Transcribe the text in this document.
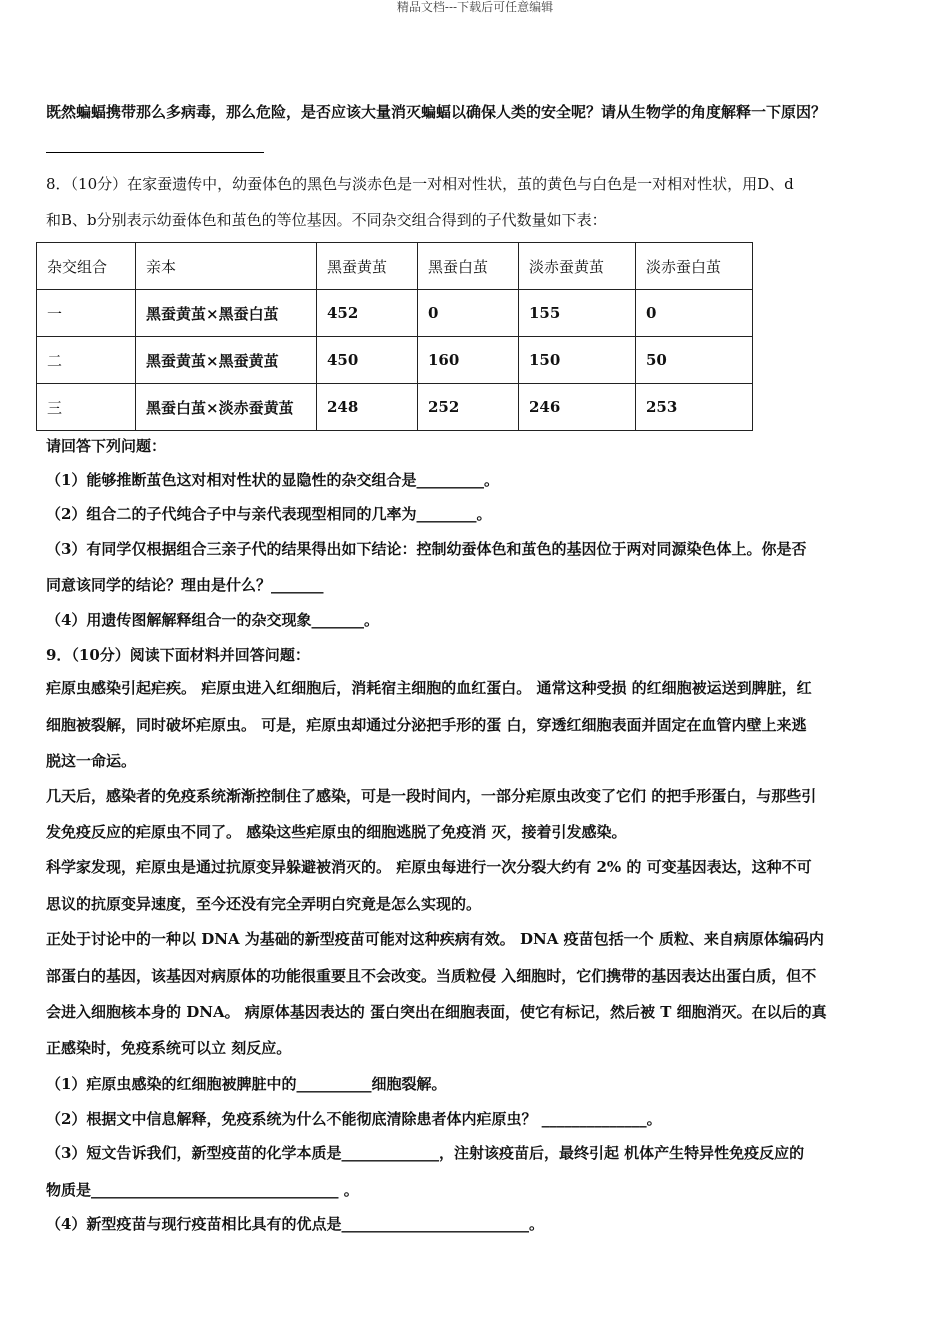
精品文档---下载后可任意编辑
既然蝙蝠携带那么多病毒，那么危险，是否应该大量消灭蝙蝠以确保人类的安全呢？请从生物学的角度解释一下原因？
8．（10分）在家蚕遗传中，幼蚕体色的黑色与淡赤色是一对相对性状，茧的黄色与白色是一对相对性状，用D、d
和B、b分别表示幼蚕体色和茧色的等位基因。不同杂交组合得到的子代数量如下表：
杂交组合	亲本	黑蚕黄茧	黑蚕白茧	淡赤蚕黄茧	淡赤蚕白茧
一	黑蚕黄茧×黑蚕白茧	452	0	155	0
二	黑蚕黄茧×黑蚕黄茧	450	160	150	50
三	黑蚕白茧×淡赤蚕黄茧	248	252	246	253
请回答下列问题：
（1）能够推断茧色这对相对性状的显隐性的杂交组合是_________。
（2）组合二的子代纯合子中与亲代表现型相同的几率为________。
（3）有同学仅根据组合三亲子代的结果得出如下结论：控制幼蚕体色和茧色的基因位于两对同源染色体上。你是否
同意该同学的结论？理由是什么？_______
（4）用遗传图解解释组合一的杂交现象_______。
9．（10分）阅读下面材料并回答问题：
疟原虫感染引起疟疾。 疟原虫进入红细胞后，消耗宿主细胞的血红蛋白。 通常这种受损 的红细胞被运送到脾脏，红
细胞被裂解，同时破坏疟原虫。 可是，疟原虫却通过分泌把手形的蛋 白，穿透红细胞表面并固定在血管内壁上来逃
脱这一命运。
几天后，感染者的免疫系统渐渐控制住了感染，可是一段时间内，一部分疟原虫改变了它们 的把手形蛋白，与那些引
发免疫反应的疟原虫不同了。 感染这些疟原虫的细胞逃脱了免疫消 灭，接着引发感染。
科学家发现，疟原虫是通过抗原变异躲避被消灭的。 疟原虫每进行一次分裂大约有 2% 的 可变基因表达，这种不可
思议的抗原变异速度，至今还没有完全弄明白究竟是怎么实现的。
正处于讨论中的一种以 DNA 为基础的新型疫苗可能对这种疾病有效。 DNA 疫苗包括一个 质粒、来自病原体编码内
部蛋白的基因，该基因对病原体的功能很重要且不会改变。当质粒侵 入细胞时，它们携带的基因表达出蛋白质，但不
会进入细胞核本身的 DNA。 病原体基因表达的 蛋白突出在细胞表面，使它有标记，然后被 T 细胞消灭。在以后的真
正感染时，免疫系统可以立 刻反应。
（1）疟原虫感染的红细胞被脾脏中的__________细胞裂解。
（2）根据文中信息解释，免疫系统为什么不能彻底清除患者体内疟原虫？ ______________。
（3）短文告诉我们，新型疫苗的化学本质是_____________，注射该疫苗后，最终引起 机体产生特异性免疫反应的
物质是_________________________________ 。
（4）新型疫苗与现行疫苗相比具有的优点是_________________________。
